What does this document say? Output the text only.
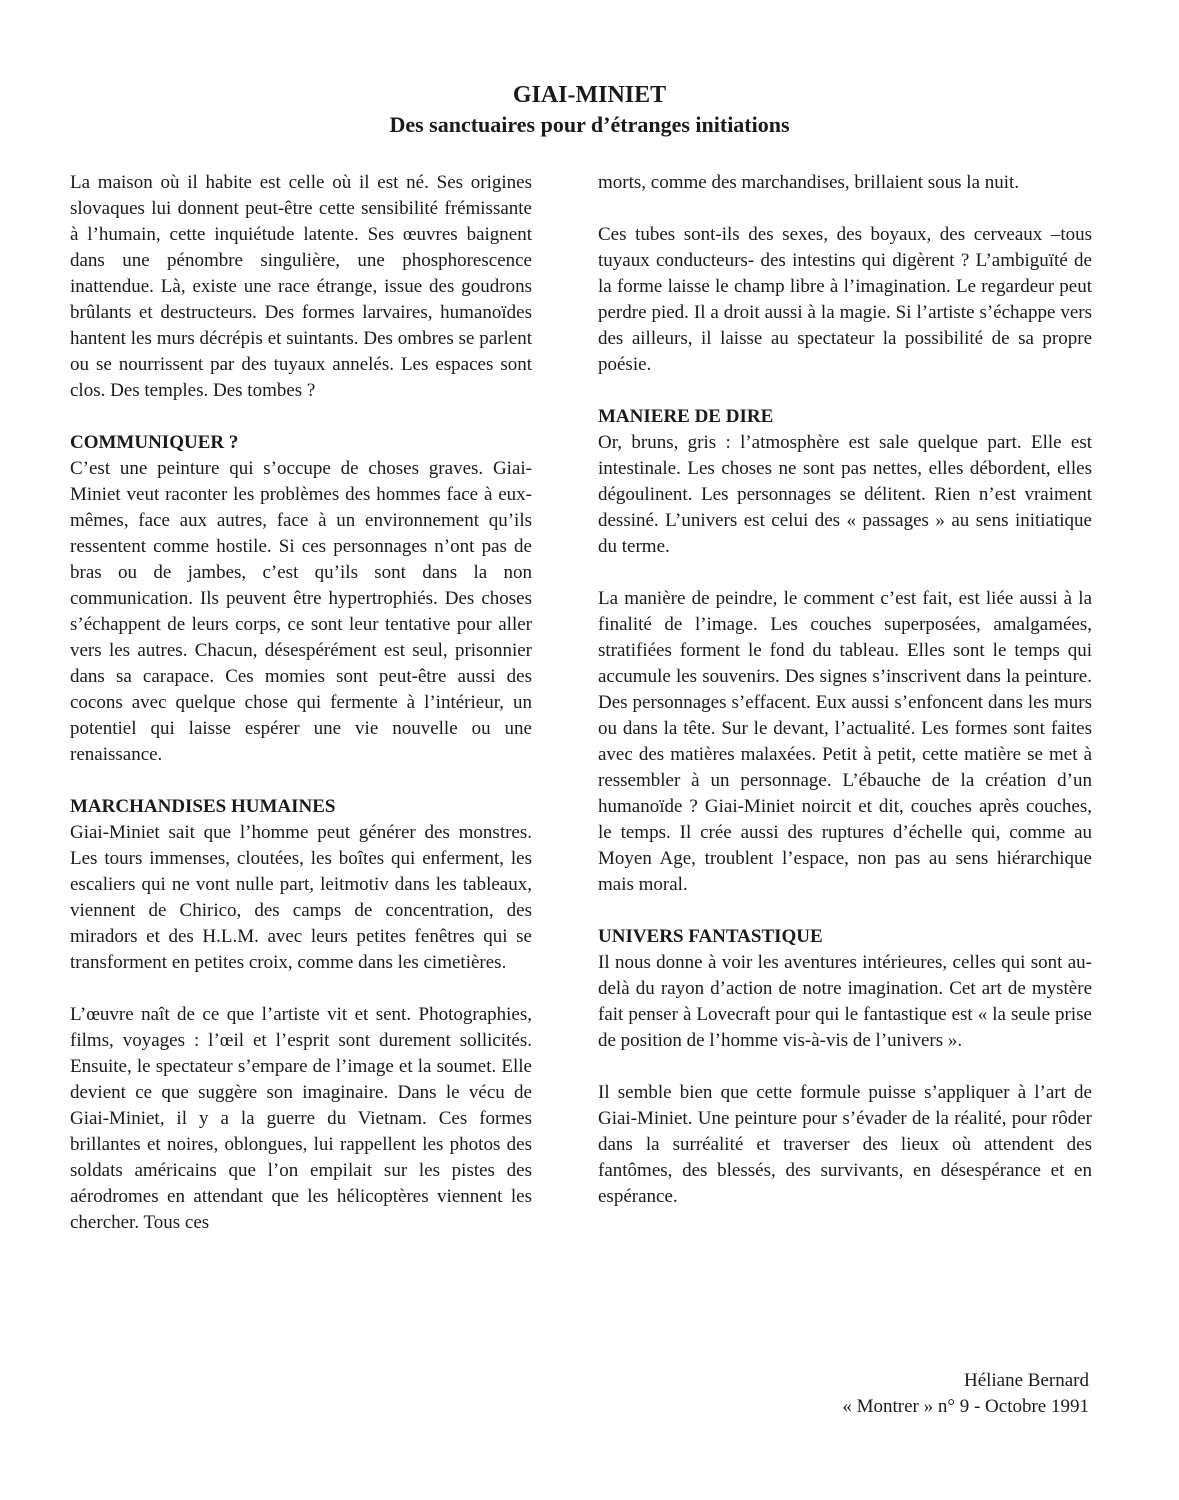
GIAI-MINIET

Des sanctuaires pour d’étranges initiations

La maison où il habite est celle où il est né. Ses origines slovaques lui donnent peut-être cette sensibilité frémissante à l’humain, cette inquiétude latente. Ses œuvres baignent dans une pénombre singulière, une phosphorescence inattendue. Là, existe une race étrange, issue des goudrons brûlants et destructeurs. Des formes larvaires, humanoïdes hantent les murs décrépis et suintants. Des ombres se parlent ou se nourrissent par des tuyaux annelés. Les espaces sont clos. Des temples. Des tombes ?

COMMUNIQUER ?

C’est une peinture qui s’occupe de choses graves. Giai-Miniet veut raconter les problèmes des hommes face à eux-mêmes, face aux autres, face à un environnement qu’ils ressentent comme hostile. Si ces personnages n’ont pas de bras ou de jambes, c’est qu’ils sont dans la non communication. Ils peuvent être hypertrophiés. Des choses s’échappent de leurs corps, ce sont leur tentative pour aller vers les autres. Chacun, désespérément est seul, prisonnier dans sa carapace. Ces momies sont peut-être aussi des cocons avec quelque chose qui fermente à l’intérieur, un potentiel qui laisse espérer une vie nouvelle ou une renaissance.

MARCHANDISES HUMAINES

Giai-Miniet sait que l’homme peut générer des monstres. Les tours immenses, cloutées, les boîtes qui enferment, les escaliers qui ne vont nulle part, leitmotiv dans les tableaux, viennent de Chirico, des camps de concentration, des miradors et des H.L.M. avec leurs petites fenêtres qui se transforment en petites croix, comme dans les cimetières.

L’œuvre naît de ce que l’artiste vit et sent. Photographies, films, voyages : l’œil et l’esprit sont durement sollicités. Ensuite, le spectateur s’empare de l’image et la soumet. Elle devient ce que suggère son imaginaire. Dans le vécu de Giai-Miniet, il y a la guerre du Vietnam. Ces formes brillantes et noires, oblongues, lui rappellent les photos des soldats américains que l’on empilait sur les pistes des aérodromes en attendant que les hélicoptères viennent les chercher. Tous ces

morts, comme des marchandises, brillaient sous la nuit.

Ces tubes sont-ils des sexes, des boyaux, des cerveaux –tous tuyaux conducteurs- des intestins qui digèrent ? L’ambiguïté de la forme laisse le champ libre à l’imagination. Le regardeur peut perdre pied. Il a droit aussi à la magie. Si l’artiste s’échappe vers des ailleurs, il laisse au spectateur la possibilité de sa propre poésie.

MANIERE DE DIRE

Or, bruns, gris : l’atmosphère est sale quelque part. Elle est intestinale. Les choses ne sont pas nettes, elles débordent, elles dégoulinent. Les personnages se délitent. Rien n’est vraiment dessiné. L’univers est celui des « passages » au sens initiatique du terme.

La manière de peindre, le comment c’est fait, est liée aussi à la finalité de l’image. Les couches superposées, amalgamées, stratifiées forment le fond du tableau. Elles sont le temps qui accumule les souvenirs. Des signes s’inscrivent dans la peinture. Des personnages s’effacent. Eux aussi s’enfoncent dans les murs ou dans la tête. Sur le devant, l’actualité. Les formes sont faites avec des matières malaxées. Petit à petit, cette matière se met à ressembler à un personnage. L’ébauche de la création d’un humanoïde ? Giai-Miniet noircit et dit, couches après couches, le temps. Il crée aussi des ruptures d’échelle qui, comme au Moyen Age, troublent l’espace, non pas au sens hiérarchique mais moral.

UNIVERS FANTASTIQUE

Il nous donne à voir les aventures intérieures, celles qui sont au-delà du rayon d’action de notre imagination. Cet art de mystère fait penser à Lovecraft pour qui le fantastique est « la seule prise de position de l’homme vis-à-vis de l’univers ».

Il semble bien que cette formule puisse s’appliquer à l’art de Giai-Miniet. Une peinture pour s’évader de la réalité, pour rôder dans la surréalité et traverser des lieux où attendent des fantômes, des blessés, des survivants, en désespérance et en espérance.

Héliane Bernard
« Montrer » n° 9 - Octobre 1991
